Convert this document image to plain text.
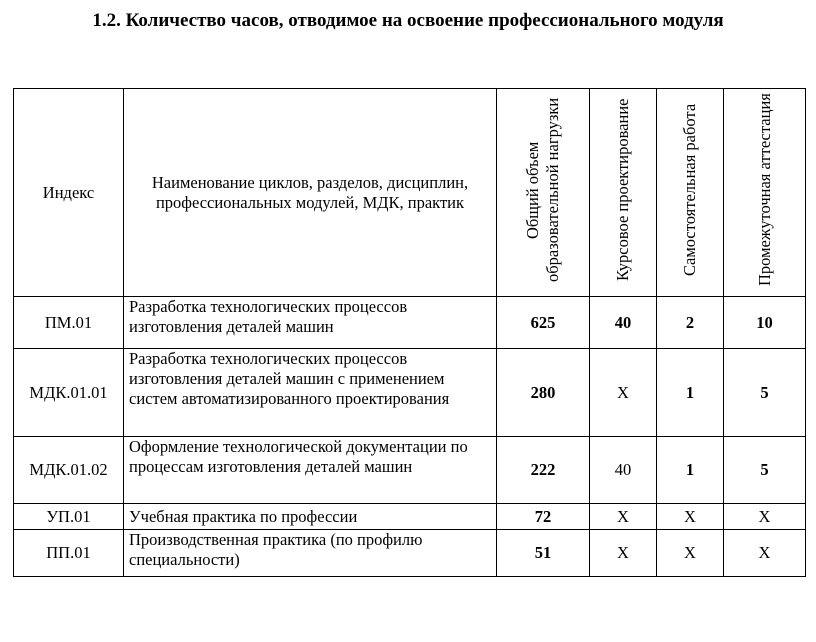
1.2. Количество часов, отводимое на освоение профессионального модуля
Индекс	Наименование циклов, разделов, дисциплин, профессиональных модулей, МДК, практик	Общий объем образовательной нагрузки	Курсовое проектирование	Самостоятельная работа	Промежуточная аттестация
ПМ.01	Разработка технологических процессов изготовления деталей машин	625	40	2	10
МДК.01.01	Разработка технологических процессов изготовления деталей машин с применением систем автоматизированного проектирования	280	Х	1	5
МДК.01.02	Оформление технологической документации по процессам изготовления деталей машин	222	40	1	5
УП.01	Учебная практика по профессии	72	Х	Х	Х
ПП.01	Производственная практика (по профилю специальности)	51	Х	Х	Х
